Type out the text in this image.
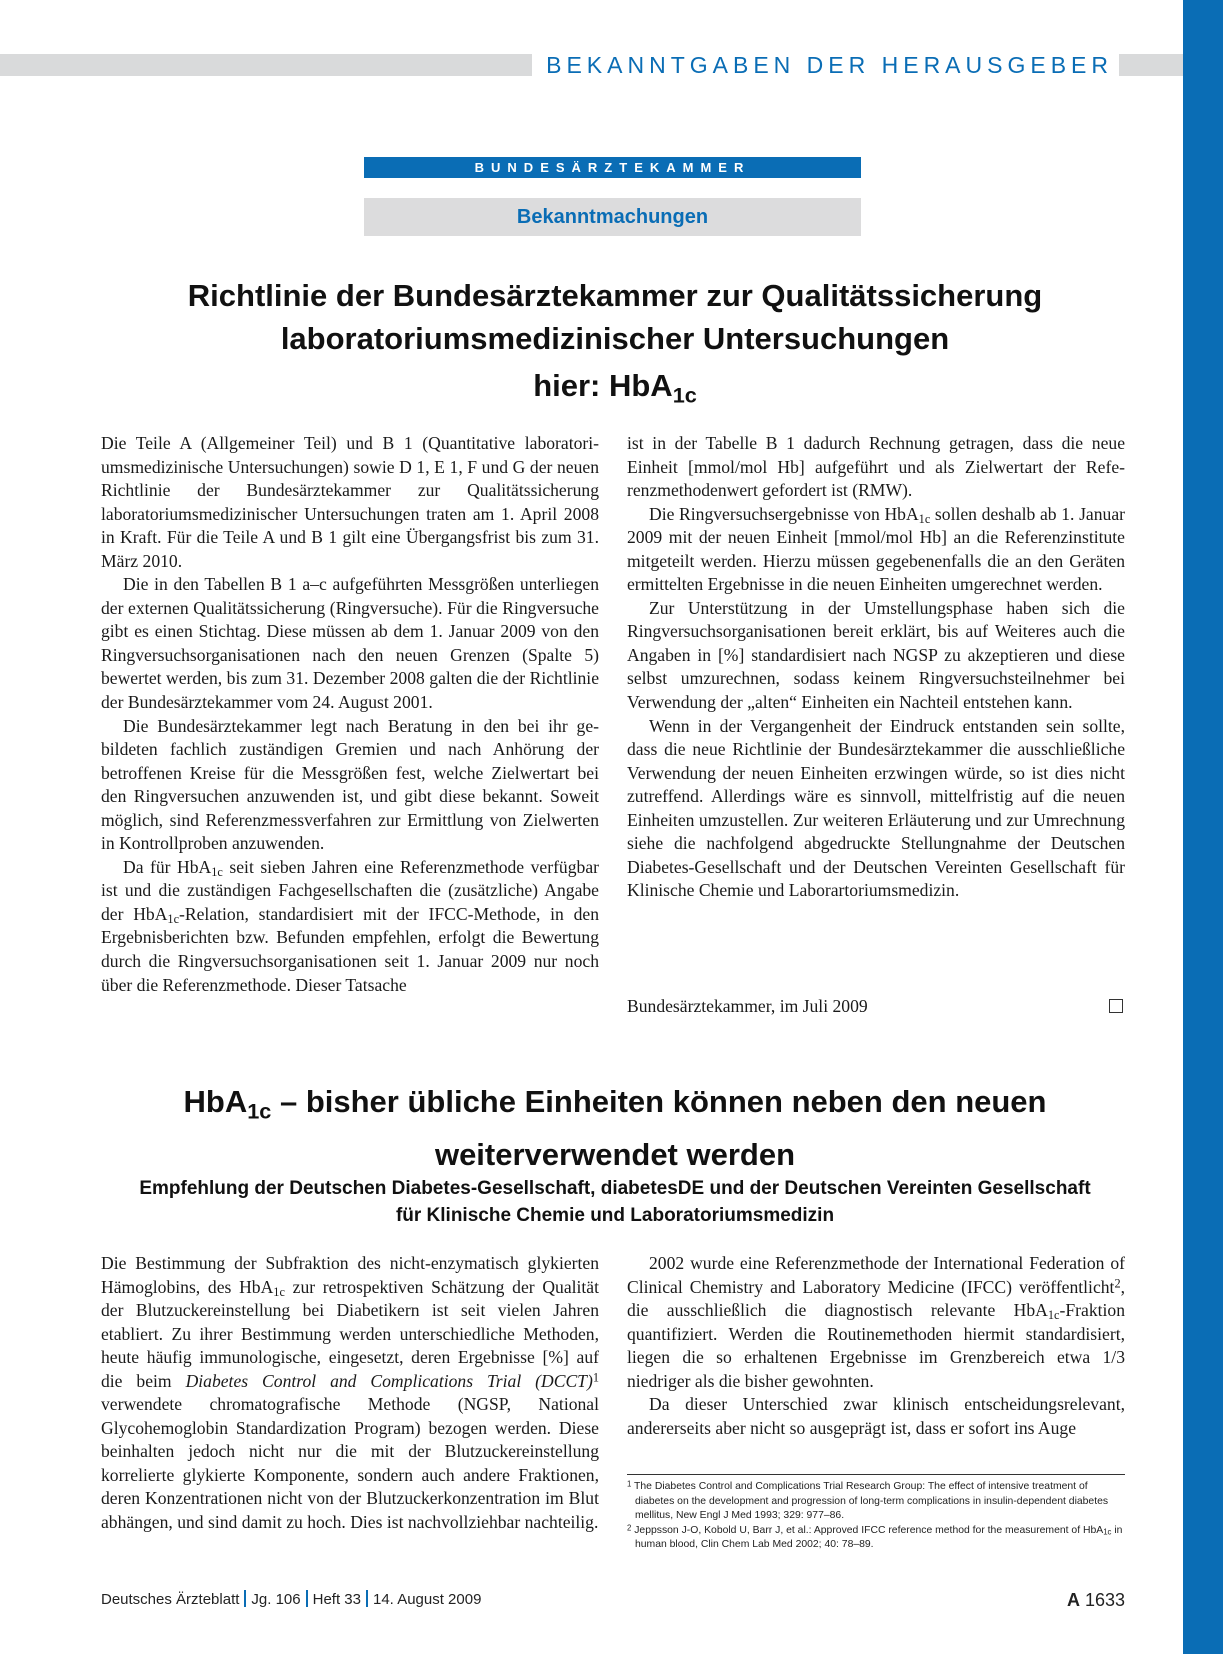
BEKANNTGABEN DER HERAUSGEBER
BUNDESÄRZTEKAMMER
Bekanntmachungen
Richtlinie der Bundesärztekammer zur Qualitätssicherung
laboratoriumsmedizinischer Untersuchungen
hier: HbA$_{1c}$

Die Teile A (Allgemeiner Teil) und B 1 (Quantitative laboratoriumsmedizinische Untersuchungen) sowie D 1, E 1, F und G der neuen Richtlinie der Bundesärztekammer zur Qualitätssicherung laboratoriumsmedizinischer Untersuchungen traten am 1. April 2008 in Kraft. Für die Teile A und B 1 gilt eine Übergangsfrist bis zum 31. März 2010.

Die in den Tabellen B 1 a–c aufgeführten Messgrößen unterliegen der externen Qualitätssicherung (Ringversuche). Für die Ringversuche gibt es einen Stichtag. Diese müssen ab dem 1. Januar 2009 von den Ringversuchsorganisationen nach den neuen Grenzen (Spalte 5) bewertet werden, bis zum 31. Dezember 2008 galten die der Richtlinie der Bundesärztekammer vom 24. August 2001.

Die Bundesärztekammer legt nach Beratung in den bei ihr gebildeten fachlich zuständigen Gremien und nach Anhörung der betroffenen Kreise für die Messgrößen fest, welche Zielwertart bei den Ringversuchen anzuwenden ist, und gibt diese bekannt. Soweit möglich, sind Referenzmessverfahren zur Ermittlung von Zielwerten in Kontrollproben anzuwenden.

Da für HbA$_{1c}$ seit sieben Jahren eine Referenzmethode verfügbar ist und die zuständigen Fachgesellschaften die (zusätzliche) Angabe der HbA$_{1c}$-Relation, standardisiert mit der IFCC-Methode, in den Ergebnisberichten bzw. Befunden empfehlen, erfolgt die Bewertung durch die Ringversuchsorganisationen seit 1. Januar 2009 nur noch über die Referenzmethode. Dieser Tatsache

ist in der Tabelle B 1 dadurch Rechnung getragen, dass die neue Einheit [mmol/mol Hb] aufgeführt und als Zielwertart der Referenzmethodenwert gefordert ist (RMW).

Die Ringversuchsergebnisse von HbA$_{1c}$ sollen deshalb ab 1. Januar 2009 mit der neuen Einheit [mmol/mol Hb] an die Referenzinstitute mitgeteilt werden. Hierzu müssen gegebenenfalls die an den Geräten ermittelten Ergebnisse in die neuen Einheiten umgerechnet werden.

Zur Unterstützung in der Umstellungsphase haben sich die Ringversuchsorganisationen bereit erklärt, bis auf Weiteres auch die Angaben in [%] standardisiert nach NGSP zu akzeptieren und diese selbst umzurechnen, sodass keinem Ringversuchsteilnehmer bei Verwendung der „alten“ Einheiten ein Nachteil entstehen kann.

Wenn in der Vergangenheit der Eindruck entstanden sein sollte, dass die neue Richtlinie der Bundesärztekammer die ausschließliche Verwendung der neuen Einheiten erzwingen würde, so ist dies nicht zutreffend. Allerdings wäre es sinnvoll, mittelfristig auf die neuen Einheiten umzustellen. Zur weiteren Erläuterung und zur Umrechnung siehe die nachfolgend abgedruckte Stellungnahme der Deutschen Diabetes-Gesellschaft und der Deutschen Vereinten Gesellschaft für Klinische Chemie und Laborartoriumsmedizin.

Bundesärztekammer, im Juli 2009
HbA$_{1c}$ – bisher übliche Einheiten können neben den neuen
weiterverwendet werden
Empfehlung der Deutschen Diabetes-Gesellschaft, diabetesDE und der Deutschen Vereinten Gesellschaft
für Klinische Chemie und Laboratoriumsmedizin

Die Bestimmung der Subfraktion des nicht-enzymatisch glykierten Hämoglobins, des HbA$_{1c}$ zur retrospektiven Schätzung der Qualität der Blutzuckereinstellung bei Diabetikern ist seit vielen Jahren etabliert. Zu ihrer Bestimmung werden unterschiedliche Methoden, heute häufig immunologische, eingesetzt, deren Ergebnisse [%] auf die beim Diabetes Control and Complications Trial (DCCT)$^1$ verwendete chromatografische Methode (NGSP, National Glycohemoglobin Standardization Program) bezogen werden. Diese beinhalten jedoch nicht nur die mit der Blutzuckereinstellung korrelierte glykierte Komponente, sondern auch andere Fraktionen, deren Konzentrationen nicht von der Blutzuckerkonzentration im Blut abhängen, und sind damit zu hoch. Dies ist nachvollziehbar nachteilig.

2002 wurde eine Referenzmethode der International Federation of Clinical Chemistry and Laboratory Medicine (IFCC) veröffentlicht$^2$, die ausschließlich die diagnostisch relevante HbA$_{1c}$-Fraktion quantifiziert. Werden die Routinemethoden hiermit standardisiert, liegen die so erhaltenen Ergebnisse im Grenzbereich etwa 1/3 niedriger als die bisher gewohnten.

Da dieser Unterschied zwar klinisch entscheidungsrelevant, andererseits aber nicht so ausgeprägt ist, dass er sofort ins Auge

$^1$ The Diabetes Control and Complications Trial Research Group: The effect of intensive treatment of diabetes on the development and progression of long-term complications in insulin-dependent diabetes mellitus, New Engl J Med 1993; 329: 977–86.

$^2$ Jeppsson J-O, Kobold U, Barr J, et al.: Approved IFCC reference method for the measurement of HbA$_{1c}$ in human blood, Clin Chem Lab Med 2002; 40: 78–89.

Deutsches Ärzteblatt Jg. 106 Heft 33 14. August 2009	A 1633
